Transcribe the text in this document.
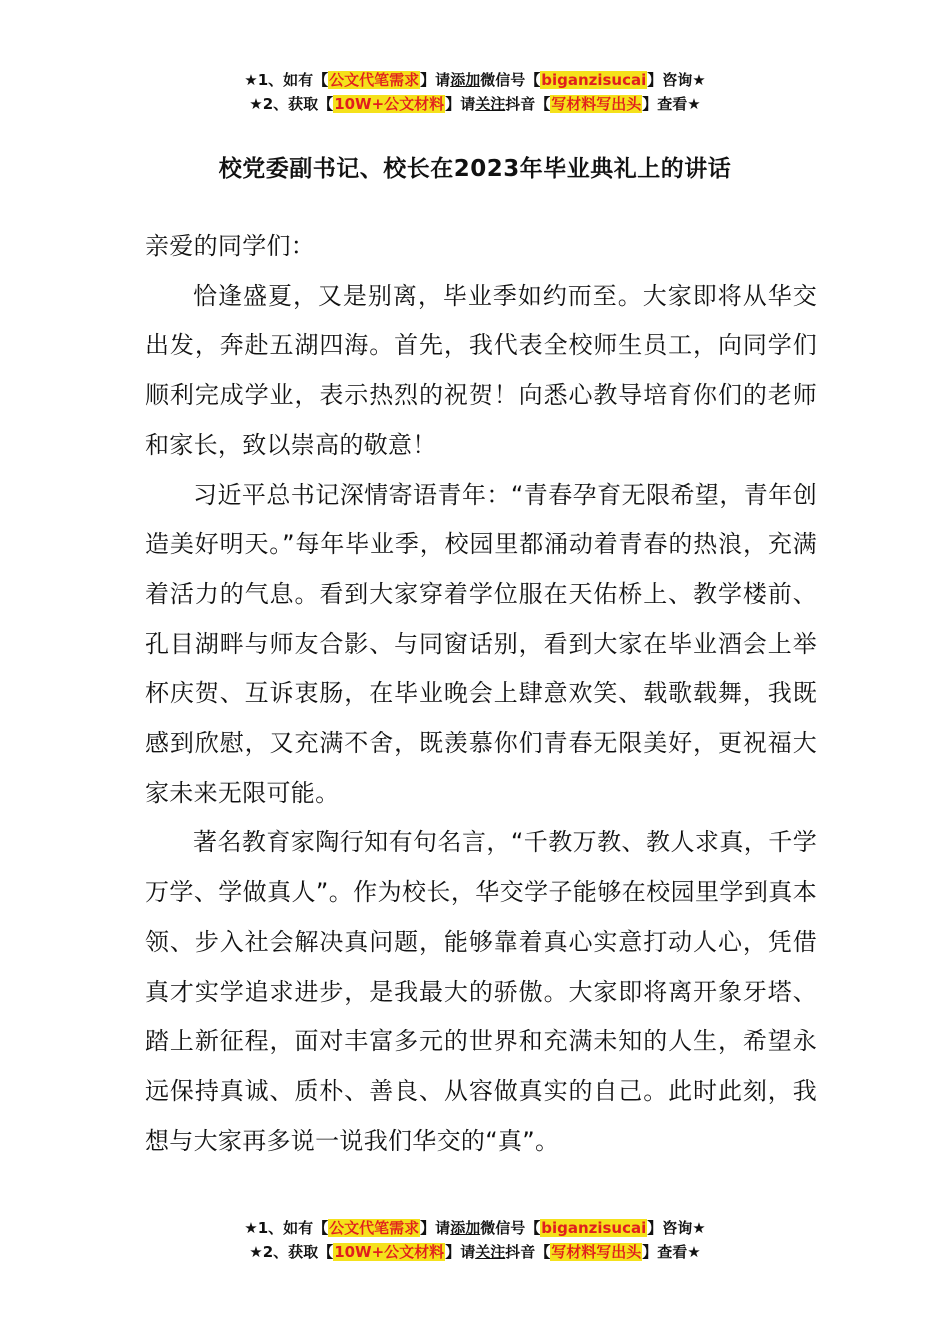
★1、如有【公文代笔需求】请添加微信号【biganzisucai】咨询★
★2、获取【10W+公文材料】请关注抖音【写材料写出头】查看★
校党委副书记、校长在2023年毕业典礼上的讲话

亲爱的同学们：

恰逢盛夏，又是别离，毕业季如约而至。大家即将从华交出发，奔赴五湖四海。首先，我代表全校师生员工，向同学们顺利完成学业，表示热烈的祝贺！向悉心教导培育你们的老师和家长，致以崇高的敬意！

习近平总书记深情寄语青年：“青春孕育无限希望，青年创造美好明天。”每年毕业季，校园里都涌动着青春的热浪，充满着活力的气息。看到大家穿着学位服在天佑桥上、教学楼前、孔目湖畔与师友合影、与同窗话别，看到大家在毕业酒会上举杯庆贺、互诉衷肠，在毕业晚会上肆意欢笑、载歌载舞，我既感到欣慰，又充满不舍，既羡慕你们青春无限美好，更祝福大家未来无限可能。

著名教育家陶行知有句名言，“千教万教、教人求真，千学万学、学做真人”。作为校长，华交学子能够在校园里学到真本领、步入社会解决真问题，能够靠着真心实意打动人心，凭借真才实学追求进步，是我最大的骄傲。大家即将离开象牙塔、踏上新征程，面对丰富多元的世界和充满未知的人生，希望永远保持真诚、质朴、善良、从容做真实的自己。此时此刻，我想与大家再多说一说我们华交的“真”。

★1、如有【公文代笔需求】请添加微信号【biganzisucai】咨询★
★2、获取【10W+公文材料】请关注抖音【写材料写出头】查看★
